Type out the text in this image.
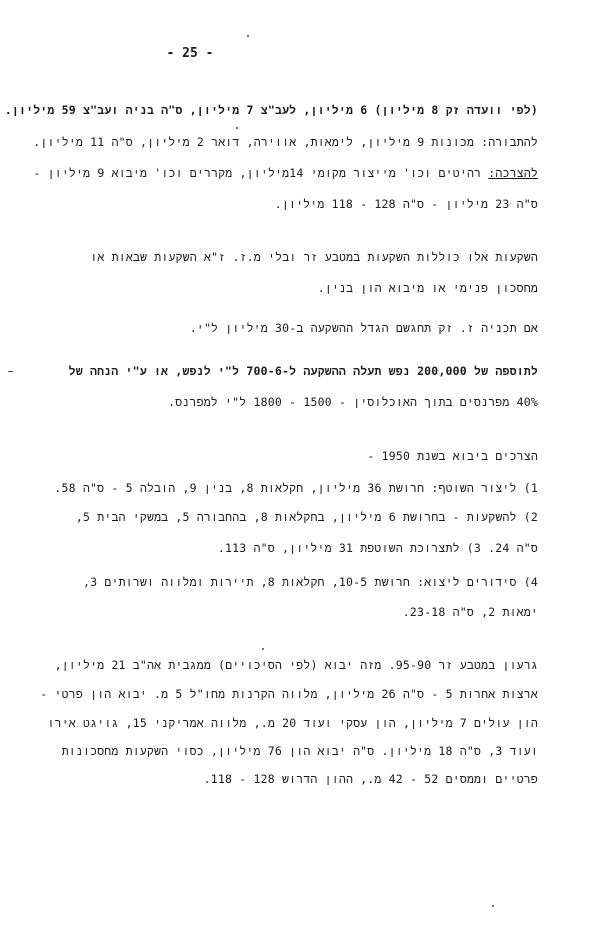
- 25 -
(לפי וועדה זק 8 מיליון) 6 מיליון, לעב"צ 7 מיליון, ס"ה בניה ועב"צ 59 מיליון.
להתבורה: מכונות 9 מיליון, לימאות, אווירה, דואר 2 מיליון, ס"ה 11 מיליון.
להצרכה: רהיטים וכו' מייצור מקומי 14מיליון, מקררים וכו' מיבוא 9 מיליון -
ס"ה 23 מיליון - ס"ה 128 - 118 מיליון.
השקעות אלו כוללות השקעות במטבע זר ובלי מ.ז. ז"א השקעות שבאות או
מחסכון פנימי או מיבוא הון בנין.
אם תכניה ז. זק תחגשם הגדל ההשקעה ב-30 מיליון ל"י.
לתוספה של 200,000 נפש תעלה ההשקעה ל-700-6 ל"י לנפש, או ע"י הנחה של
40% מפרנסים בתוך האוכלוסין - 1500 - 1800 ל"י למפרנס.
הצרכים ביבוא בשנת 1950 -
1) ליצור השוטף: חרושת 36 מיליון, חקלאות 8, בנין 9, הובלה 5 - ס"ה 58.
2) להשקעות - בחרושת 6 מיליון, בחקלאות 8, בהחבורה 5, במשקי הבית 5,
ס"ה 24. 3) לתצרוכת השוטפת 31 מיליון, ס"ה 113.
4) סידורים ליצוא: חרושת 10-5, חקלאות 8, תיירות ומלווה ושרותים 3,
ימאות 2, ס"ה 23-18.
גרעון במטבע זר 95-90. מזה יבוא (לפי הסיכויים) ממגבית אה"ב 21 מיליון,
ארצות אחרות 5 - ס"ה 26 מיליון, מלווה הקרנות מחו"ל 5 מ. יבוא הון פרטי -
הון עולים 7 מיליון, הון עסקי ועוד 20 מ., מלווה אמריקני 15, גויגט אירו
ועוד 3, ס"ה 18 מיליון. ס"ה יבוא הון 76 מיליון, כסוי השקעות מחסכונות
פרטיים וממסים 52 - 42 מ., ההון הדרוש 128 - 118.
